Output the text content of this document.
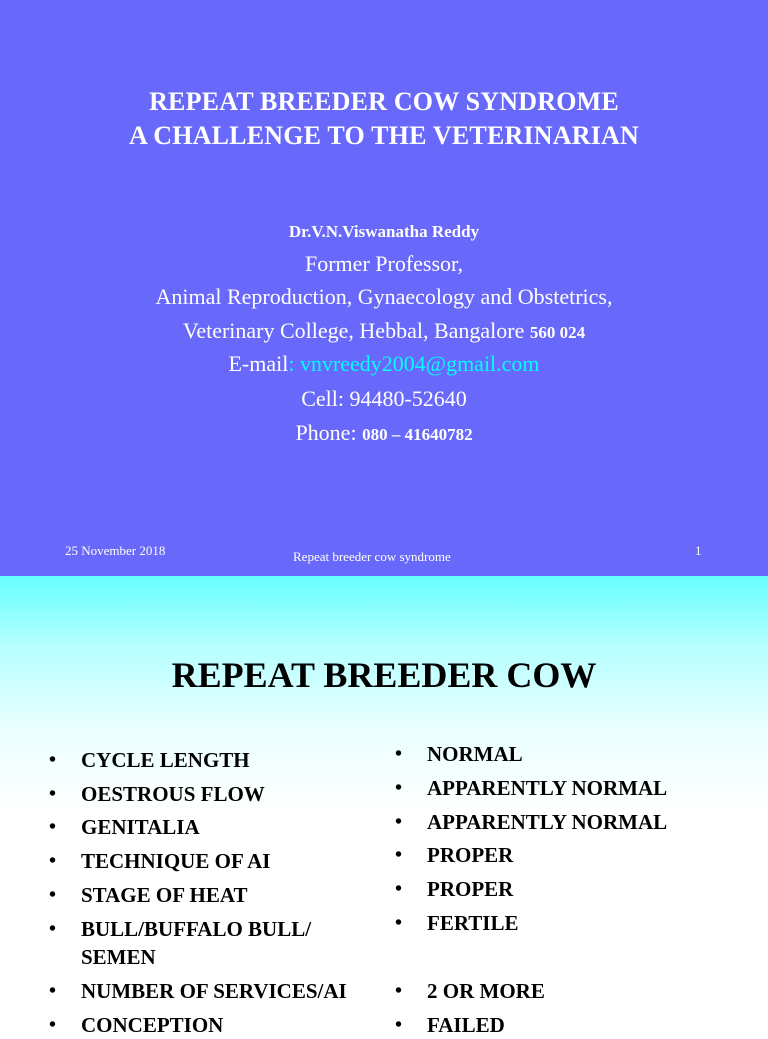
REPEAT BREEDER COW SYNDROME
A CHALLENGE TO THE VETERINARIAN
Dr.V.N.Viswanatha Reddy
Former Professor,
Animal Reproduction, Gynaecology and Obstetrics,
Veterinary College, Hebbal, Bangalore 560 024
E-mail: vnvreedy2004@gmail.com
Cell: 94480-52640
Phone: 080 – 41640782
25 November 2018	Repeat breeder cow syndrome	1
REPEAT BREEDER COW
• CYCLE LENGTH
• OESTROUS FLOW
• GENITALIA
• TECHNIQUE OF AI
• STAGE OF HEAT
• BULL/BUFFALO BULL/
SEMEN
• NUMBER OF SERVICES/AI
• CONCEPTION
• NORMAL
• APPARENTLY NORMAL
• APPARENTLY NORMAL
• PROPER
• PROPER
• FERTILE
• 2 OR MORE
• FAILED
